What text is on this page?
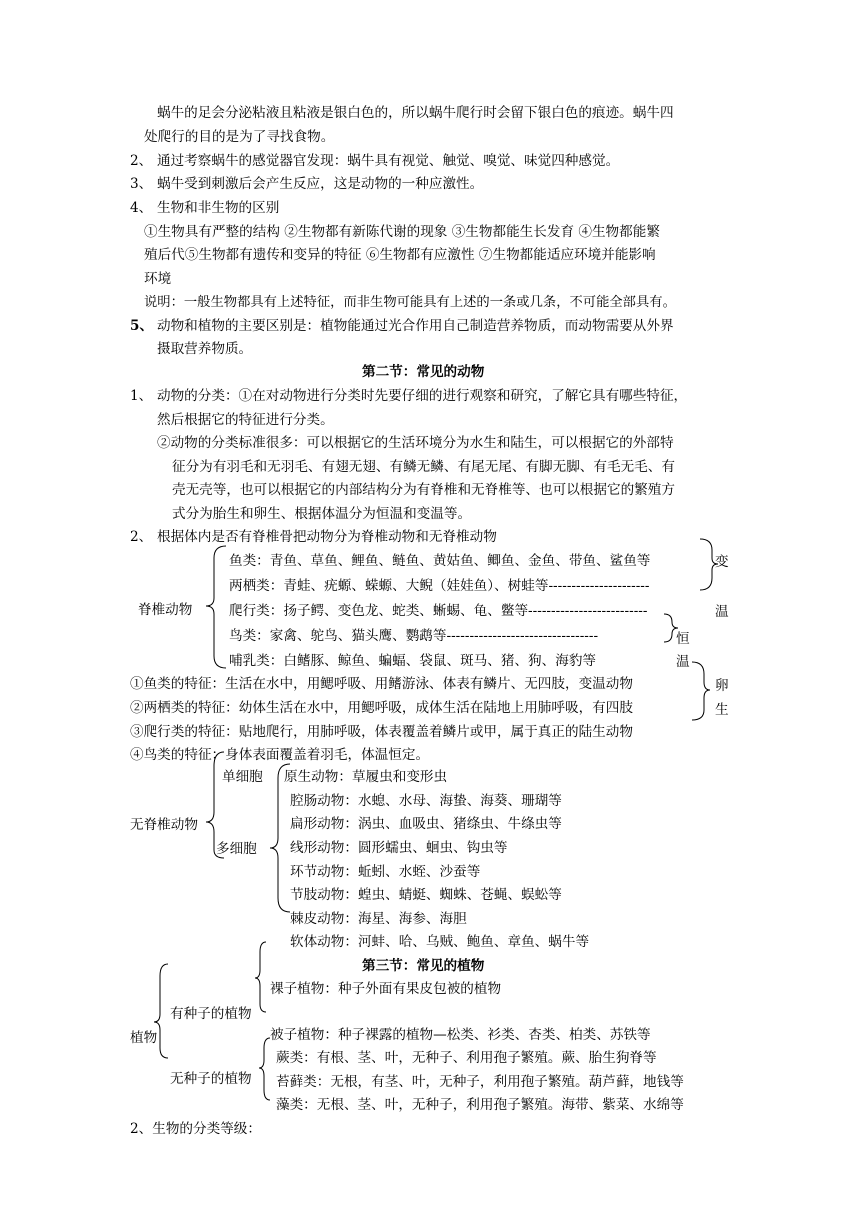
蜗牛的足会分泌粘液且粘液是银白色的，所以蜗牛爬行时会留下银白色的痕迹。蜗牛四
处爬行的目的是为了寻找食物。
2、 通过考察蜗牛的感觉器官发现：蜗牛具有视觉、触觉、嗅觉、味觉四种感觉。
3、 蜗牛受到刺激后会产生反应，这是动物的一种应激性。
4、 生物和非生物的区别
①生物具有严整的结构 ②生物都有新陈代谢的现象 ③生物都能生长发育 ④生物都能繁
殖后代⑤生物都有遗传和变异的特征 ⑥生物都有应激性 ⑦生物都能适应环境并能影响
环境
说明：一般生物都具有上述特征，而非生物可能具有上述的一条或几条，不可能全部具有。
5、 动物和植物的主要区别是：植物能通过光合作用自己制造营养物质，而动物需要从外界
摄取营养物质。
第二节：常见的动物
1、 动物的分类：①在对动物进行分类时先要仔细的进行观察和研究，了解它具有哪些特征，
然后根据它的特征进行分类。
②动物的分类标准很多：可以根据它的生活环境分为水生和陆生，可以根据它的外部特
征分为有羽毛和无羽毛、有翅无翅、有鳞无鳞、有尾无尾、有脚无脚、有毛无毛、有
壳无壳等，也可以根据它的内部结构分为有脊椎和无脊椎等、也可以根据它的繁殖方
式分为胎生和卵生、根据体温分为恒温和变温等。
2、 根据体内是否有脊椎骨把动物分为脊椎动物和无脊椎动物
脊椎动物
鱼类：青鱼、草鱼、鲤鱼、鲢鱼、黄姑鱼、鲫鱼、金鱼、带鱼、鲨鱼等
两栖类：青蛙、疣螈、蝾螈、大鲵（娃娃鱼）、树蛙等----------------------
爬行类：扬子鳄、变色龙、蛇类、蜥蜴、龟、鳖等--------------------------
鸟类：家禽、鸵鸟、猫头鹰、鹦鹉等---------------------------------
哺乳类：白鳍豚、鲸鱼、蝙蝠、袋鼠、斑马、猪、狗、海豹等
变
温
恒
温
①鱼类的特征：生活在水中，用鳃呼吸、用鳍游泳、体表有鳞片、无四肢，变温动物
②两栖类的特征：幼体生活在水中，用鳃呼吸，成体生活在陆地上用肺呼吸，有四肢
③爬行类的特征：贴地爬行，用肺呼吸，体表覆盖着鳞片或甲，属于真正的陆生动物
④鸟类的特征：身体表面覆盖着羽毛，体温恒定。
卵
生
单细胞 原生动物：草履虫和变形虫
无脊椎动物
多细胞
腔肠动物：水螅、水母、海蛰、海葵、珊瑚等
扁形动物：涡虫、血吸虫、猪绦虫、牛绦虫等
线形动物：圆形蠕虫、蛔虫、钩虫等
环节动物：蚯蚓、水蛭、沙蚕等
节肢动物：蝗虫、蜻蜓、蜘蛛、苍蝇、蜈蚣等
棘皮动物：海星、海参、海胆
软体动物：河蚌、哈、乌贼、鲍鱼、章鱼、蜗牛等
第三节：常见的植物
植物
有种子的植物
无种子的植物
裸子植物：种子外面有果皮包被的植物
被子植物：种子裸露的植物—松类、衫类、杏类、柏类、苏铁等
蕨类：有根、茎、叶，无种子、利用孢子繁殖。蕨、胎生狗脊等
苔藓类：无根，有茎、叶，无种子，利用孢子繁殖。葫芦藓，地钱等
藻类：无根、茎、叶，无种子，利用孢子繁殖。海带、紫菜、水绵等
2、生物的分类等级：
